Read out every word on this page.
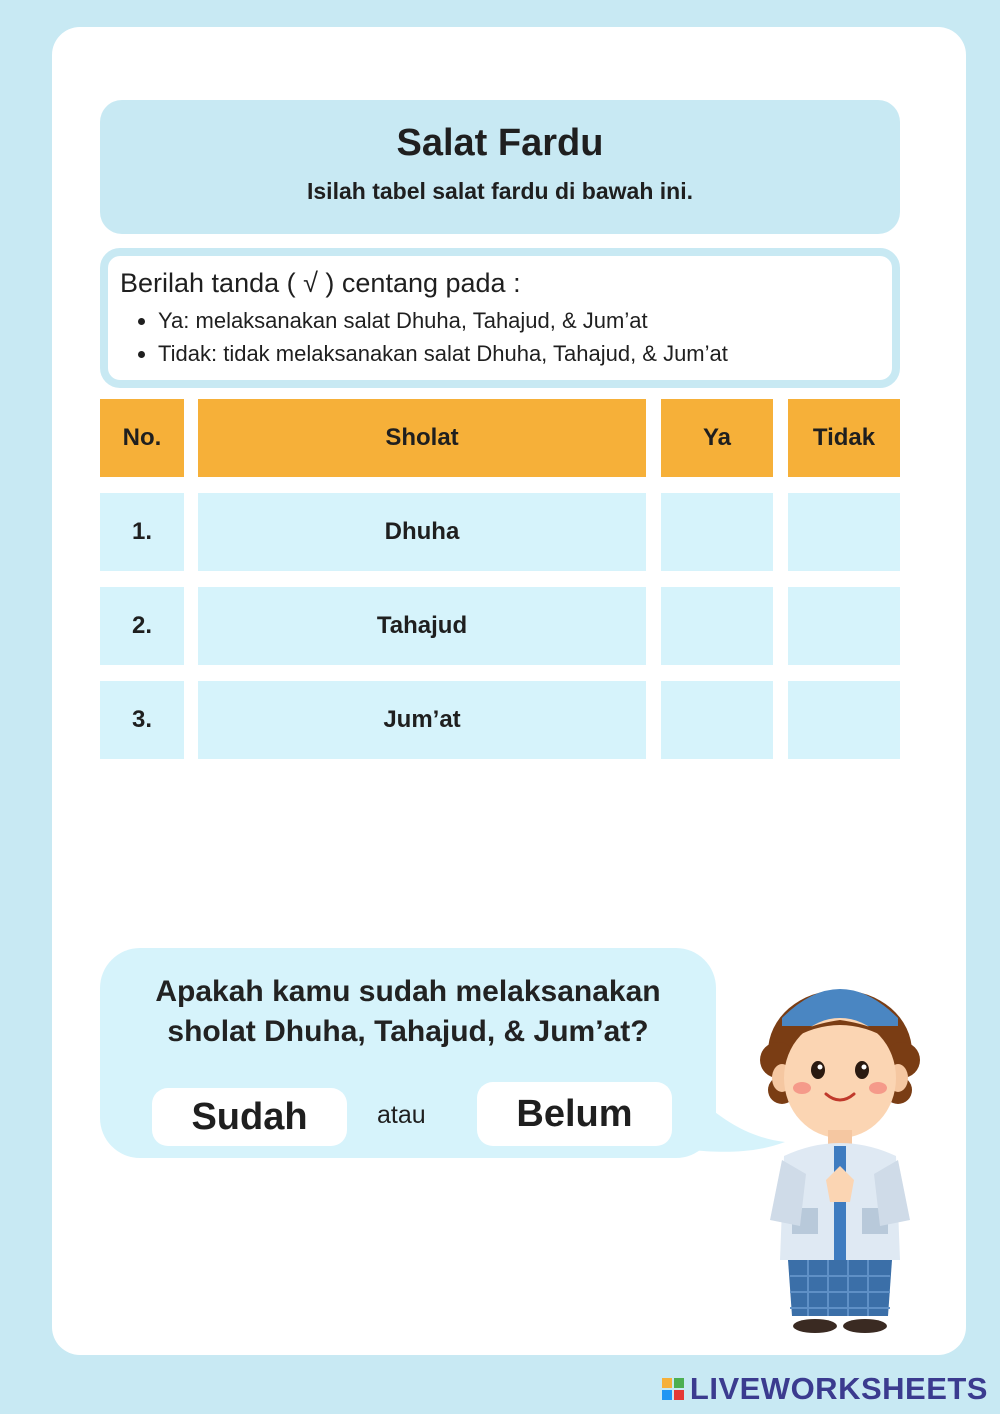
Salat Fardu
Isilah tabel salat fardu di bawah ini.
Berilah tanda ( √ ) centang pada :
• Ya: melaksanakan salat Dhuha, Tahajud, & Jum’at
• Tidak: tidak melaksanakan salat Dhuha, Tahajud, & Jum’at
No.	Sholat	Ya	Tidak
1.	Dhuha
2.	Tahajud
3.	Jum’at
Apakah kamu sudah melaksanakan
sholat Dhuha, Tahajud, & Jum’at?
Sudah	atau	Belum
LIVEWORKSHEETS
